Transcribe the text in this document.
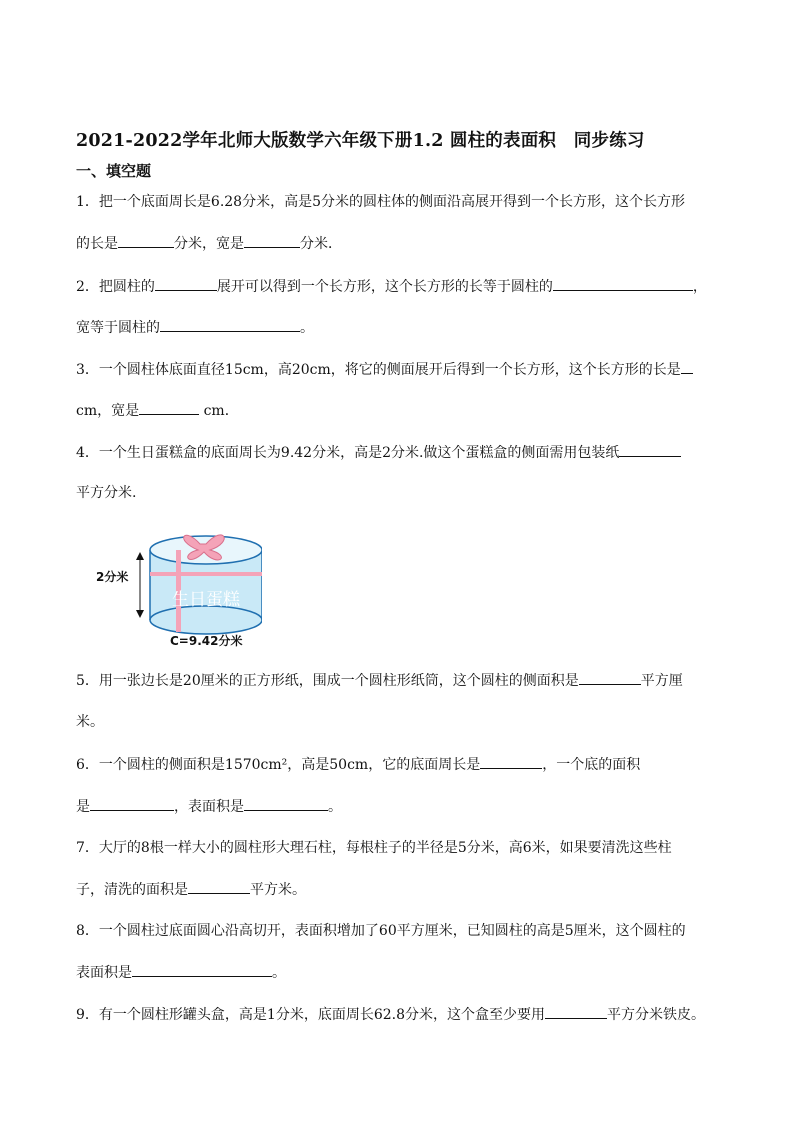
2021-2022学年北师大版数学六年级下册1.2 圆柱的表面积　同步练习
一、填空题
1．把一个底面周长是6.28分米，高是5分米的圆柱体的侧面沿高展开得到一个长方形，这个长方形
的长是	分米，宽是	分米．
2．把圆柱的	展开可以得到一个长方形，这个长方形的长等于圆柱的	，
宽等于圆柱的	。
3．一个圆柱体底面直径15cm，高20cm，将它的侧面展开后得到一个长方形，这个长方形的长是
cm，宽是	cm．
4．一个生日蛋糕盒的底面周长为9.42分米，高是2分米.做这个蛋糕盒的侧面需用包装纸
平方分米.
生日蛋糕
2分米
C=9.42分米
5．用一张边长是20厘米的正方形纸，围成一个圆柱形纸筒，这个圆柱的侧面积是	平方厘
米。
6．一个圆柱的侧面积是1570cm²，高是50cm，它的底面周长是	，一个底的面积
是	，表面积是	。
7．大厅的8根一样大小的圆柱形大理石柱，每根柱子的半径是5分米，高6米，如果要清洗这些柱
子，清洗的面积是	平方米。
8．一个圆柱过底面圆心沿高切开，表面积增加了60平方厘米，已知圆柱的高是5厘米，这个圆柱的
表面积是	。
9．有一个圆柱形罐头盒，高是1分米，底面周长62.8分米，这个盒至少要用	平方分米铁皮。
